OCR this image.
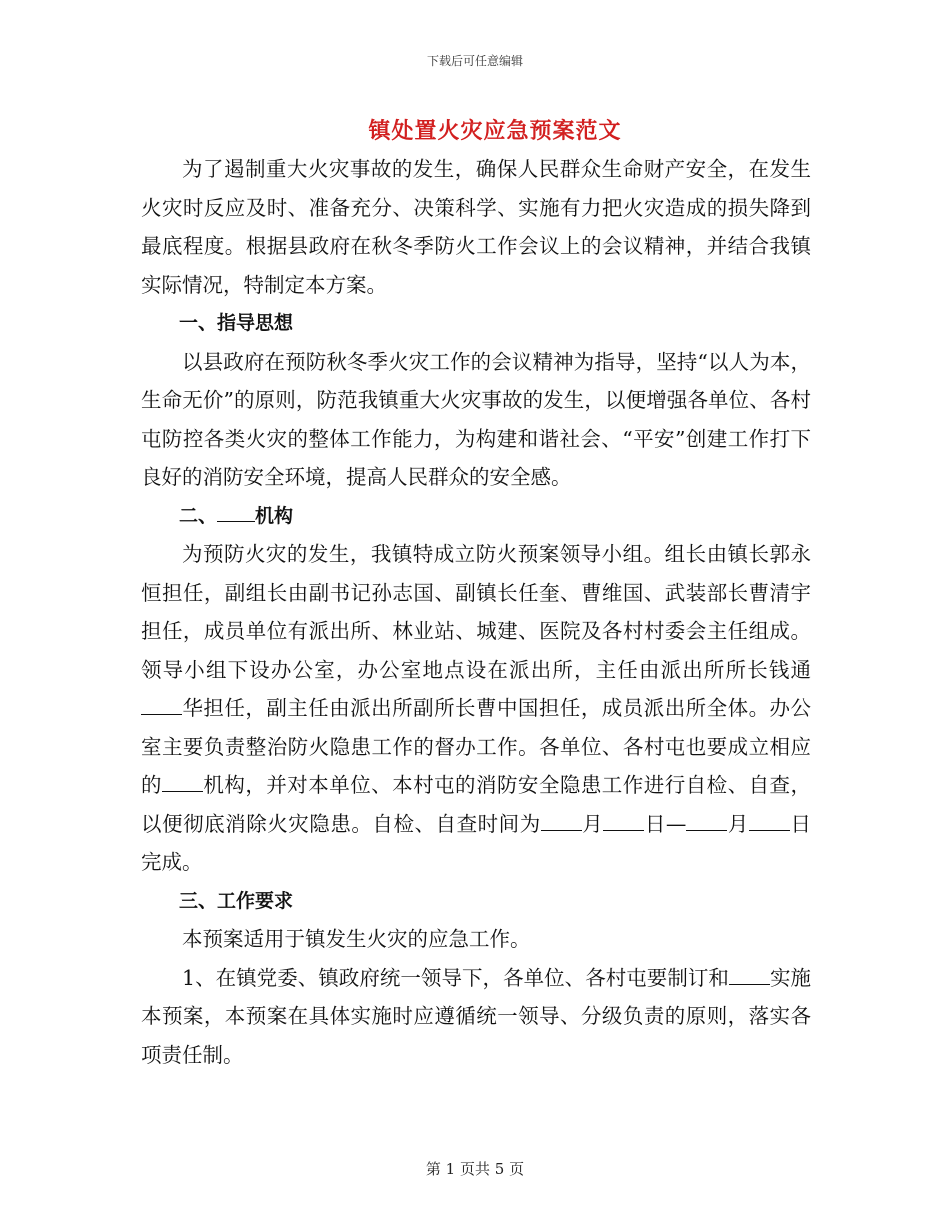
下载后可任意编辑
镇处置火灾应急预案范文

为了遏制重大火灾事故的发生，确保人民群众生命财产安全，在发生火灾时反应及时、准备充分、决策科学、实施有力把火灾造成的损失降到最底程度。根据县政府在秋冬季防火工作会议上的会议精神，并结合我镇实际情况，特制定本方案。

一、指导思想

以县政府在预防秋冬季火灾工作的会议精神为指导，坚持“以人为本，生命无价”的原则，防范我镇重大火灾事故的发生，以便增强各单位、各村屯防控各类火灾的整体工作能力，为构建和谐社会、“平安”创建工作打下良好的消防安全环境，提高人民群众的安全感。

二、 机构

为预防火灾的发生，我镇特成立防火预案领导小组。组长由镇长郭永恒担任，副组长由副书记孙志国、副镇长任奎、曹维国、武装部长曹清宇担任，成员单位有派出所、林业站、城建、医院及各村村委会主任组成。领导小组下设办公室，办公室地点设在派出所，主任由派出所所长钱通华担任，副主任由派出所副所长曹中国担任，成员派出所全体。办公室主要负责整治防火隐患工作的督办工作。各单位、各村屯也要成立相应的 机构，并对本单位、本村屯的消防安全隐患工作进行自检、自查，以便彻底消除火灾隐患。自检、自查时间为 月 日— 月 日完成。

三、工作要求

本预案适用于镇发生火灾的应急工作。

1、在镇党委、镇政府统一领导下，各单位、各村屯要制订和 实施本预案，本预案在具体实施时应遵循统一领导、分级负责的原则，落实各项责任制。

第 1 页共 5 页
